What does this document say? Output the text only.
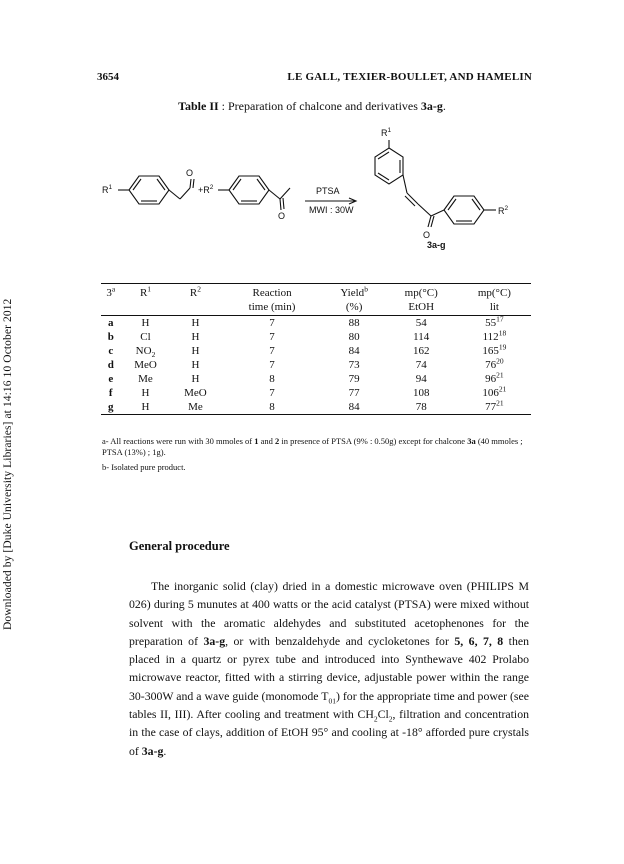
Downloaded by [Duke University Libraries] at 14:16 10 October 2012
3654	LE GALL, TEXIER-BOULLET, AND HAMELIN
Table II : Preparation of chalcone and derivatives 3a-g.
$R^1$
O
$+R^2$
O
PTSA
MWI : 30W
$R^1$
O
$R^2$
3a-g
3$^a$	$R^1$	$R^2$	Reaction	Yield$^b$	mp(°C)	mp(°C)
			time (min)	(%)	EtOH	lit
a	H	H	7	88	54	$55^{17}$
b	Cl	H	7	80	114	$112^{18}$
c	$NO_2$	H	7	84	162	$165^{19}$
d	MeO	H	7	73	74	$76^{20}$
e	Me	H	8	79	94	$96^{21}$
f	H	MeO	7	77	108	$106^{21}$
g	H	Me	8	84	78	$77^{21}$
a- All reactions were run with 30 mmoles of 1 and 2 in presence of PTSA (9% : 0.50g) except for chalcone 3a (40 mmoles ; PTSA (13%) ; 1g).
b- Isolated pure product.
General procedure
The inorganic solid (clay) dried in a domestic microwave oven (PHILIPS M 026) during 5 munutes at 400 watts or the acid catalyst (PTSA) were mixed without solvent with the aromatic aldehydes and substituted acetophenones for the preparation of 3a-g, or with benzaldehyde and cycloketones for 5, 6, 7, 8 then placed in a quartz or pyrex tube and introduced into Synthewave 402 Prolabo microwave reactor, fitted with a stirring device, adjustable power within the range 30-300W and a wave guide (monomode $T_{01}$) for the appropriate time and power (see tables II, III). After cooling and treatment with $CH_2Cl_2$, filtration and concentration in the case of clays, addition of EtOH 95° and cooling at -18° afforded pure crystals of 3a-g.
